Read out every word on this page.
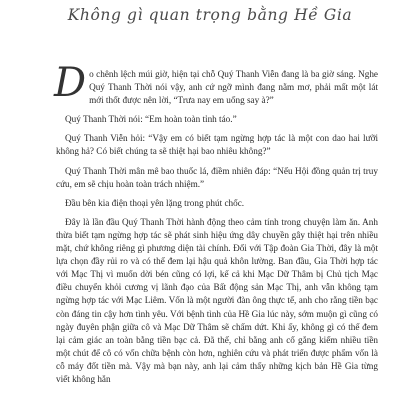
Không gì quan trọng bằng Hề Gia

Do chênh lệch múi giờ, hiện tại chỗ Quý Thanh Viễn đang là ba giờ sáng. Nghe Quý Thanh Thời nói vậy, anh cứ ngỡ mình đang nằm mơ, phải mất một lát mới thốt được nên lời, “Trưa nay em uống say à?”

Quý Thanh Thời nói: “Em hoàn toàn tỉnh táo.”

Quý Thanh Viễn hỏi: “Vậy em có biết tạm ngừng hợp tác là một con dao hai lưỡi không hả? Có biết chúng ta sẽ thiệt hại bao nhiêu không?”

Quý Thanh Thời mân mê bao thuốc lá, điềm nhiên đáp: “Nếu Hội đồng quản trị truy cứu, em sẽ chịu hoàn toàn trách nhiệm.”

Đầu bên kia điện thoại yên lặng trong phút chốc.

Đây là lần đầu Quý Thanh Thời hành động theo cảm tính trong chuyện làm ăn. Anh thừa biết tạm ngừng hợp tác sẽ phát sinh hiệu ứng dây chuyền gây thiệt hại trên nhiều mặt, chứ không riêng gì phương diện tài chính. Đối với Tập đoàn Gia Thời, đây là một lựa chọn đầy rủi ro và có thể đem lại hậu quả khôn lường. Ban đầu, Gia Thời hợp tác với Mạc Thị vì muốn dời bén cũng có lợi, kể cả khi Mạc Dữ Thâm bị Chủ tịch Mạc điều chuyển khỏi cương vị lãnh đạo của Bất động sản Mạc Thị, anh vẫn không tạm ngừng hợp tác với Mạc Liêm. Vốn là một người đàn ông thực tế, anh cho rằng tiền bạc còn đáng tin cậy hơn tình yêu. Với bệnh tình của Hề Gia lúc này, sớm muộn gì cũng có ngày đuyên phận giữa cô và Mạc Dữ Thâm sẽ chấm dứt. Khi ấy, không gì có thể đem lại cảm giác an toàn bằng tiền bạc cả. Đã thế, chỉ bằng anh cố gắng kiếm nhiều tiền một chút để cô có vốn chữa bệnh còn hơn, nghiên cứu và phát triển được phẩm vốn là cỗ máy đốt tiền mà. Vậy mà bạn này, anh lại cảm thấy những kịch bản Hề Gia từng viết không hẳn
